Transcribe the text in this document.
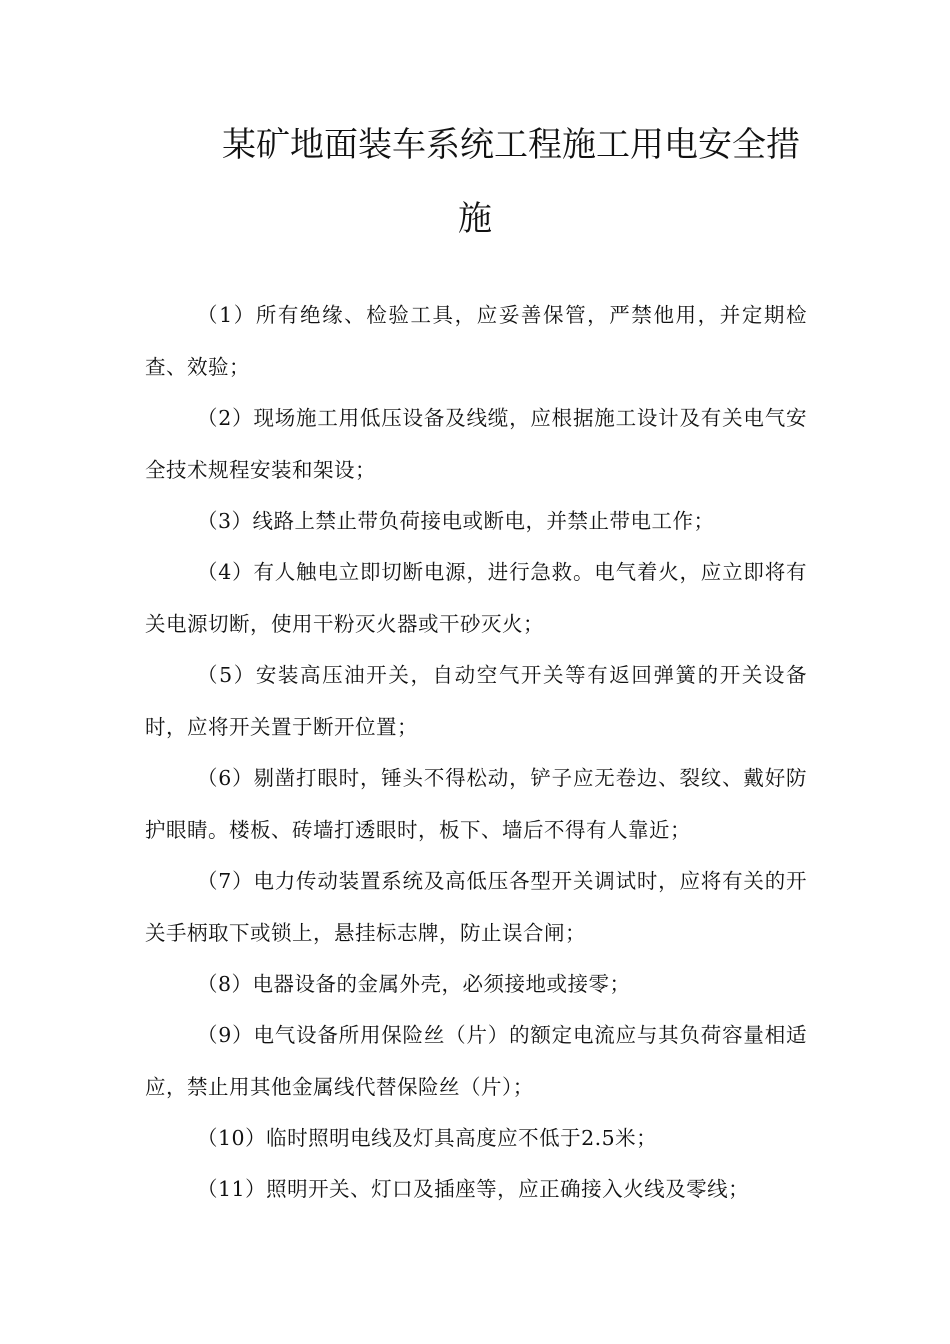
某矿地面装车系统工程施工用电安全措
施

（1）所有绝缘、检验工具，应妥善保管，严禁他用，并定期检查、效验；

（2）现场施工用低压设备及线缆，应根据施工设计及有关电气安全技术规程安装和架设；

（3）线路上禁止带负荷接电或断电，并禁止带电工作；

（4）有人触电立即切断电源，进行急救。电气着火，应立即将有关电源切断，使用干粉灭火器或干砂灭火；

（5）安装高压油开关，自动空气开关等有返回弹簧的开关设备时，应将开关置于断开位置；

（6）剔凿打眼时，锤头不得松动，铲子应无卷边、裂纹、戴好防护眼睛。楼板、砖墙打透眼时，板下、墙后不得有人靠近；

（7）电力传动装置系统及高低压各型开关调试时，应将有关的开关手柄取下或锁上，悬挂标志牌，防止误合闸；

（8）电器设备的金属外壳，必须接地或接零；

（9）电气设备所用保险丝（片）的额定电流应与其负荷容量相适应，禁止用其他金属线代替保险丝（片）；

（10）临时照明电线及灯具高度应不低于2.5米；

（11）照明开关、灯口及插座等，应正确接入火线及零线；
